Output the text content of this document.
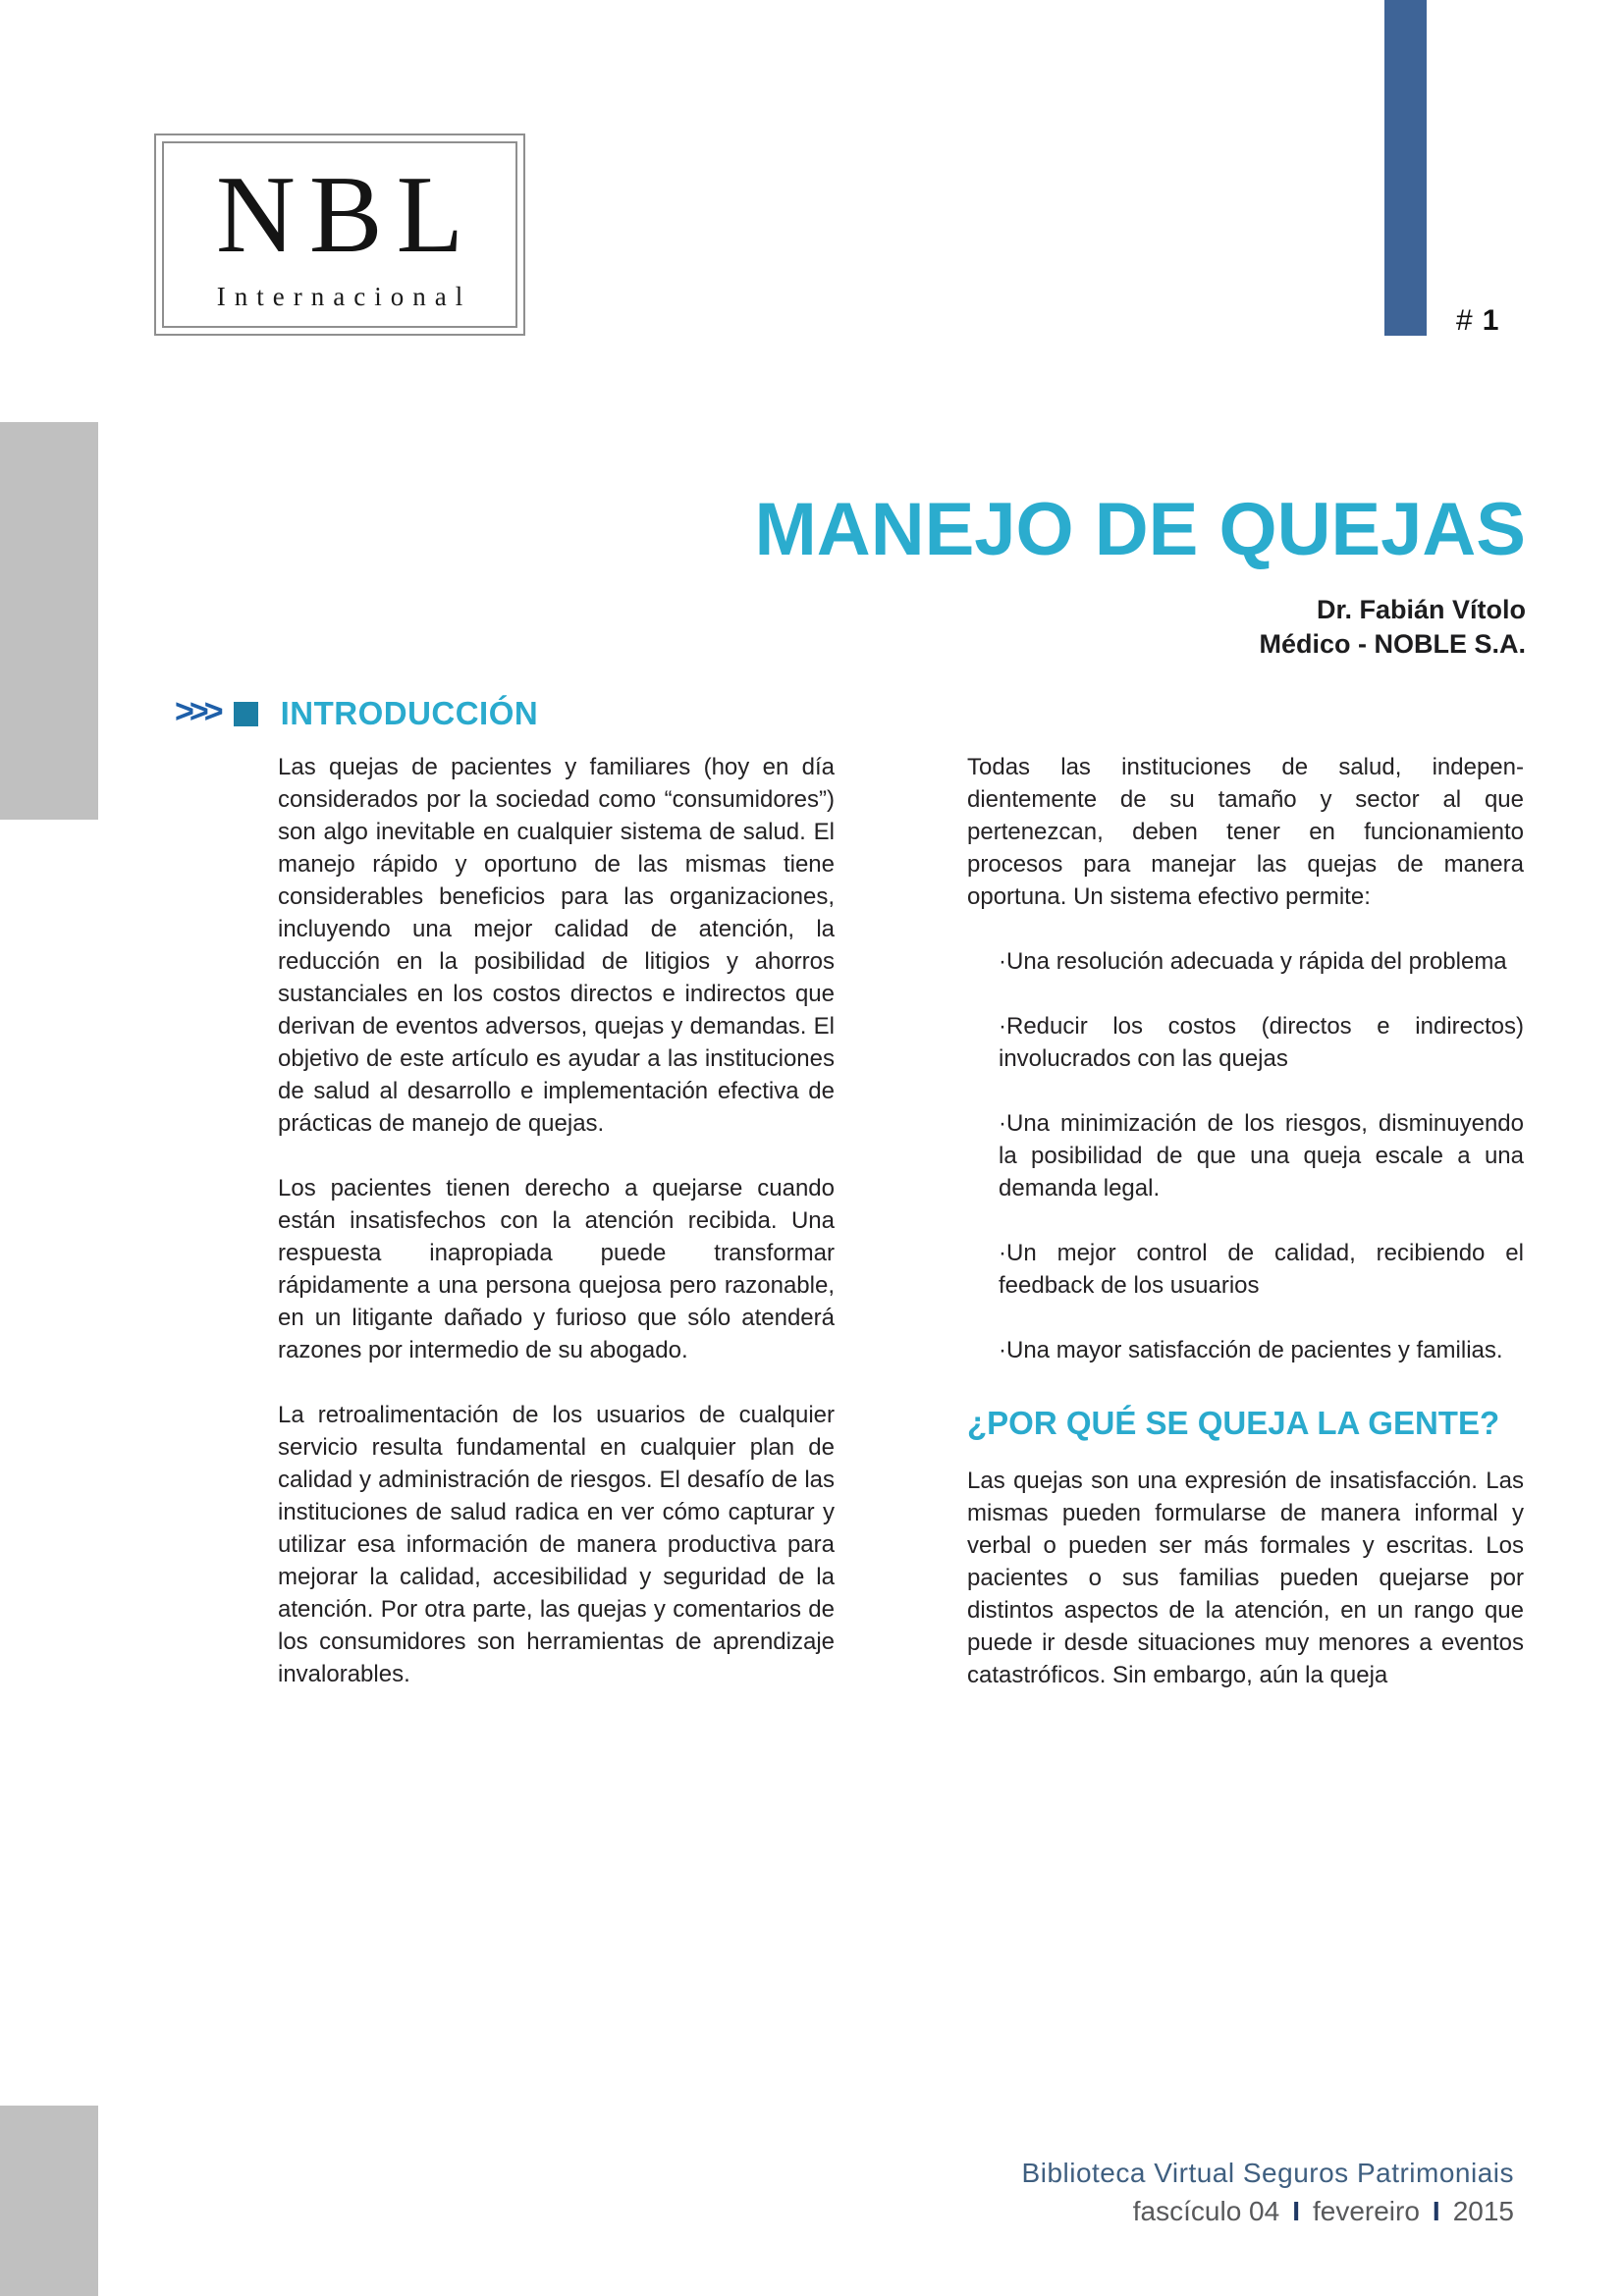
# 1
NBL
Internacional
MANEJO DE QUEJAS
Dr. Fabián Vítolo
Médico - NOBLE S.A.
>>> INTRODUCCIÓN

Las quejas de pacientes y familiares (hoy en día considerados por la sociedad como “consumidores”) son algo inevitable en cualquier sistema de salud. El manejo rápido y oportuno de las mismas tiene considerables beneficios para las organizaciones, incluyendo una mejor calidad de atención, la reducción en la posibilidad de litigios y ahorros sustanciales en los costos directos e indirectos que derivan de eventos adversos, quejas y demandas. El objetivo de este artículo es ayudar a las instituciones de salud al desarrollo e implementación efectiva de prácticas de manejo de quejas.

Los pacientes tienen derecho a quejarse cuando están insatisfechos con la atención recibida. Una respuesta inapropiada puede transformar rápidamente a una persona quejosa pero razonable, en un litigante dañado y furioso que sólo atenderá razones por intermedio de su abogado.

La retroalimentación de los usuarios de cualquier servicio resulta fundamental en cualquier plan de calidad y administración de riesgos. El desafío de las instituciones de salud radica en ver cómo capturar y utilizar esa información de manera productiva para mejorar la calidad, accesibilidad y seguridad de la atención. Por otra parte, las quejas y comentarios de los consumidores son herramientas de aprendizaje invalorables.

Todas las instituciones de salud, independientemente de su tamaño y sector al que pertenezcan, deben tener en funcionamiento procesos para manejar las quejas de manera oportuna. Un sistema efectivo permite:

·Una resolución adecuada y rápida del problema

·Reducir los costos (directos e indirectos) involucrados con las quejas

·Una minimización de los riesgos, disminuyendo la posibilidad de que una queja escale a una demanda legal.

·Un mejor control de calidad, recibiendo el feedback de los usuarios

·Una mayor satisfacción de pacientes y familias.

¿POR QUÉ SE QUEJA LA GENTE?

Las quejas son una expresión de insatisfacción. Las mismas pueden formularse de manera informal y verbal o pueden ser más formales y escritas. Los pacientes o sus familias pueden quejarse por distintos aspectos de la atención, en un rango que puede ir desde situaciones muy menores a eventos catastróficos. Sin embargo, aún la queja

Biblioteca Virtual Seguros Patrimoniais
fascículo 04 I fevereiro I 2015
